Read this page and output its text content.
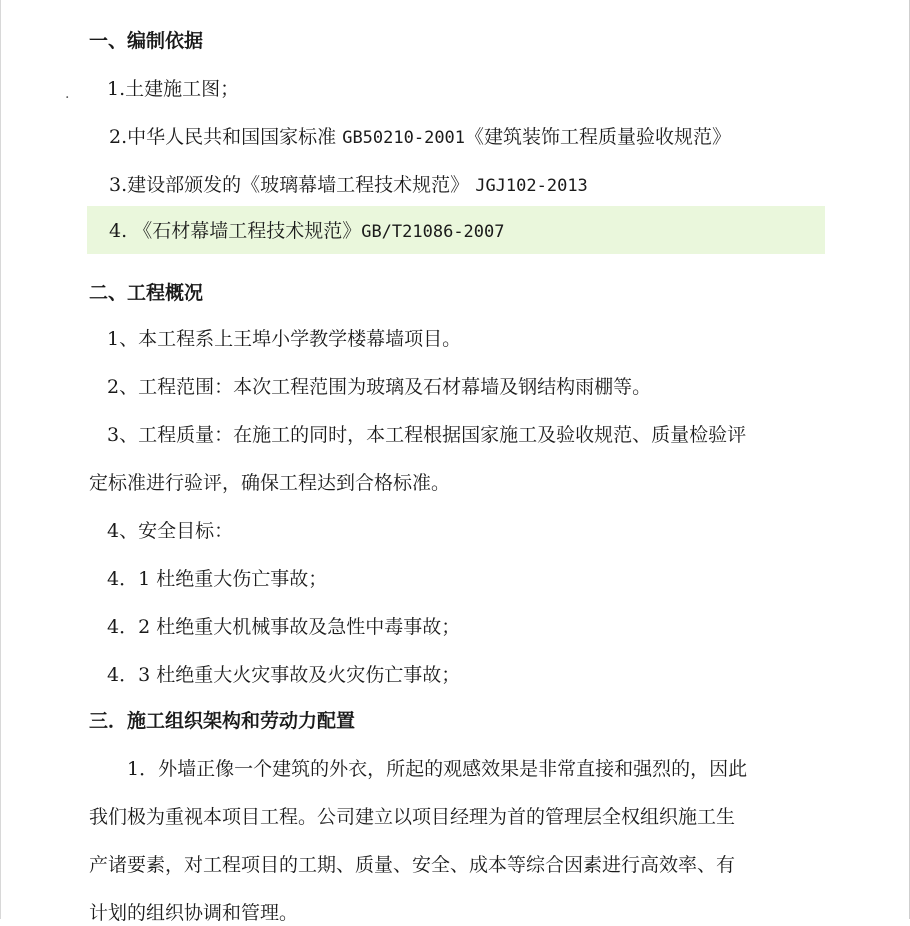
一、编制依据
. 1.土建施工图；
2.中华人民共和国国家标准 GB50210-2001《建筑装饰工程质量验收规范》
3.建设部颁发的《玻璃幕墙工程技术规范》 JGJ102-2013
4. 《石材幕墙工程技术规范》GB/T21086-2007
二、工程概况
1、本工程系上王埠小学教学楼幕墙项目。
2、工程范围：本次工程范围为玻璃及石材幕墙及钢结构雨棚等。
3、工程质量：在施工的同时，本工程根据国家施工及验收规范、质量检验评
定标准进行验评，确保工程达到合格标准。
4、安全目标：
4．1 杜绝重大伤亡事故；
4．2 杜绝重大机械事故及急性中毒事故；
4．3 杜绝重大火灾事故及火灾伤亡事故；
三．施工组织架构和劳动力配置
1．外墙正像一个建筑的外衣，所起的观感效果是非常直接和强烈的，因此
我们极为重视本项目工程。公司建立以项目经理为首的管理层全权组织施工生
产诸要素，对工程项目的工期、质量、安全、成本等综合因素进行高效率、有
计划的组织协调和管理。
